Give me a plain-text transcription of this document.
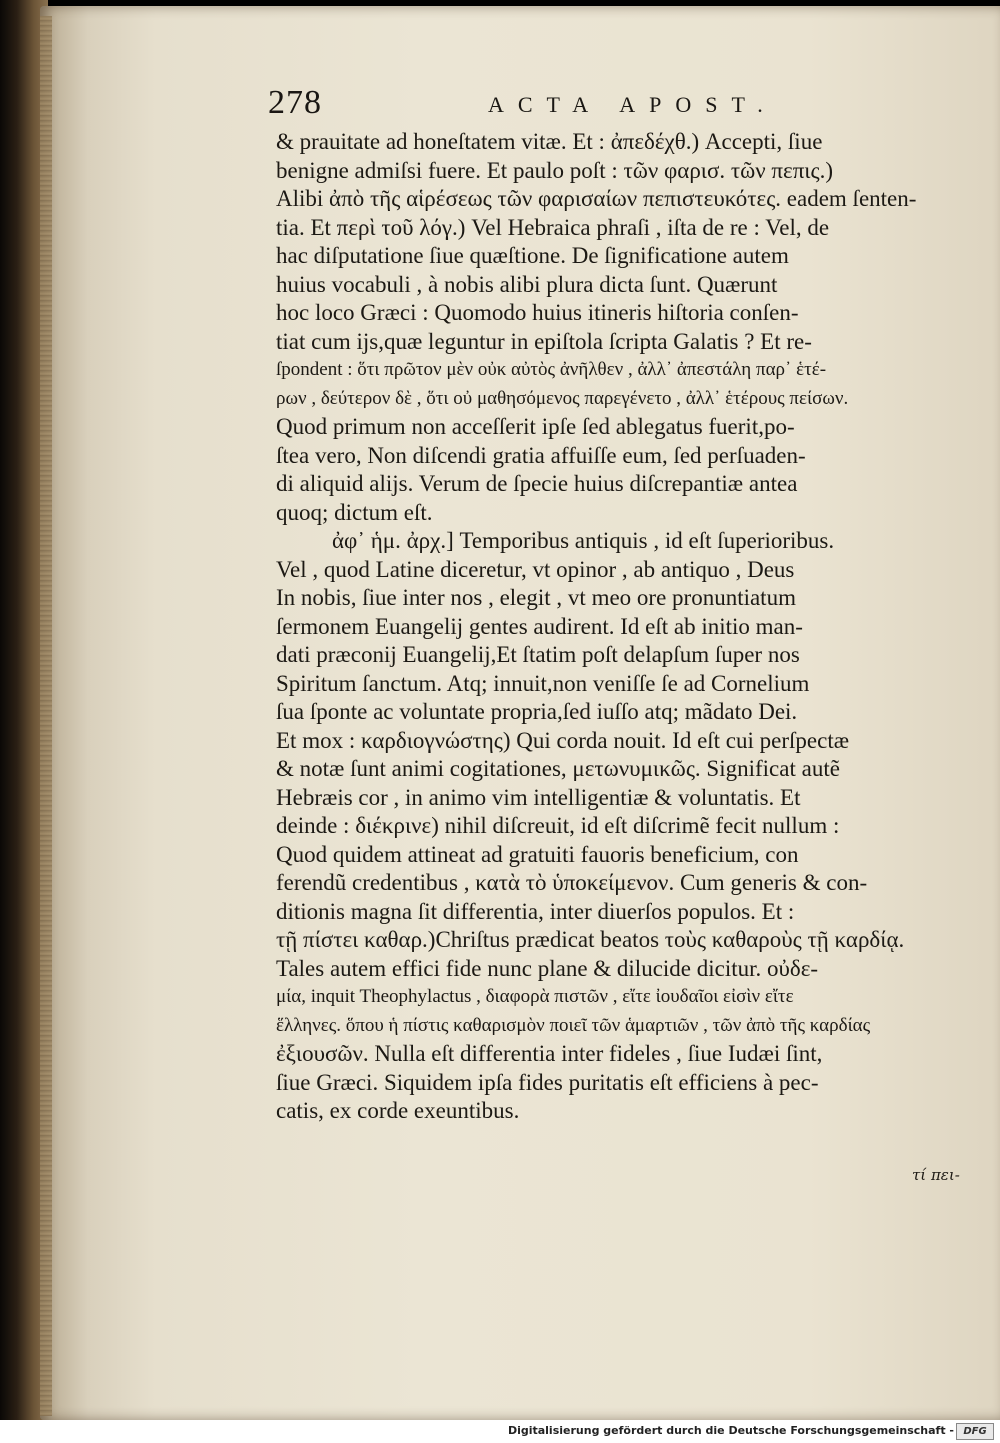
278	ACTA APOST.
& prauitate ad honeſtatem vitæ. Et : ἀπεδέχθ.) Accepti, ſiue
benigne admiſsi fuere. Et paulo poſt : τῶν φαρισ. τῶν πεπις.)
Alibi ἀπὸ τῆς αἱρέσεως τῶν φαρισαίων πεπιστευκότες. eadem ſenten-
tia. Et περὶ τοῦ λόγ.) Vel Hebraica phraſi , iſta de re : Vel, de
hac diſputatione ſiue quæſtione. De ſignificatione autem
huius vocabuli , à nobis alibi plura dicta ſunt. Quærunt
hoc loco Græci : Quomodo huius itineris hiſtoria conſen-
tiat cum ijs,quæ leguntur in epiſtola ſcripta Galatis ? Et re-
ſpondent : ὅτι πρῶτον μὲν οὐκ αὐτὸς ἀνῆλθεν , ἀλλ᾽ ἀπεστάλη παρ᾽ ἑτέ-
ρων , δεύτερον δὲ , ὅτι οὐ μαθησόμενος παρεγένετο , ἀλλ᾽ ἑτέρους πείσων.
Quod primum non acceſſerit ipſe ſed ablegatus fuerit,po-
ſtea vero, Non diſcendi gratia affuiſſe eum, ſed perſuaden-
di aliquid alijs. Verum de ſpecie huius diſcrepantiæ antea
quoq; dictum eſt.
ἀφ᾽ ἡμ. ἀρχ.] Temporibus antiquis , id eſt ſuperioribus.
Vel , quod Latine diceretur, vt opinor , ab antiquo , Deus
In nobis, ſiue inter nos , elegit , vt meo ore pronuntiatum
ſermonem Euangelij gentes audirent. Id eſt ab initio man-
dati præconij Euangelij,Et ſtatim poſt delapſum ſuper nos
Spiritum ſanctum. Atq; innuit,non veniſſe ſe ad Cornelium
ſua ſponte ac voluntate propria,ſed iuſſo atq; mãdato Dei.
Et mox : καρδιογνώστης) Qui corda nouit. Id eſt cui perſpectæ
& notæ ſunt animi cogitationes, μετωνυμικῶς. Significat autẽ
Hebræis cor , in animo vim intelligentiæ & voluntatis. Et
deinde : διέκρινε) nihil diſcreuit, id eſt diſcrimẽ fecit nullum :
Quod quidem attineat ad gratuiti fauoris beneficium, con
ferendũ credentibus , κατὰ τὸ ὑποκείμενον. Cum generis & con-
ditionis magna ſit differentia, inter diuerſos populos. Et :
τῇ πίστει καθαρ.)Chriſtus prædicat beatos τοὺς καθαροὺς τῇ καρδίᾳ.
Tales autem effici fide nunc plane & dilucide dicitur. οὐδε-
μία, inquit Theophylactus , διαφορὰ πιστῶν , εἴτε ἰουδαῖοι εἰσὶν εἴτε
ἕλληνες. ὅπου ἡ πίστις καθαρισμὸν ποιεῖ τῶν ἁμαρτιῶν , τῶν ἀπὸ τῆς καρδίας
ἐξιουσῶν. Nulla eſt differentia inter fideles , ſiue Iudæi ſint,
ſiue Græci. Siquidem ipſa fides puritatis eſt efficiens à pec-
catis, ex corde exeuntibus.
τί πει-
Digitalisierung gefördert durch die Deutsche Forschungsgemeinschaft - DFG
